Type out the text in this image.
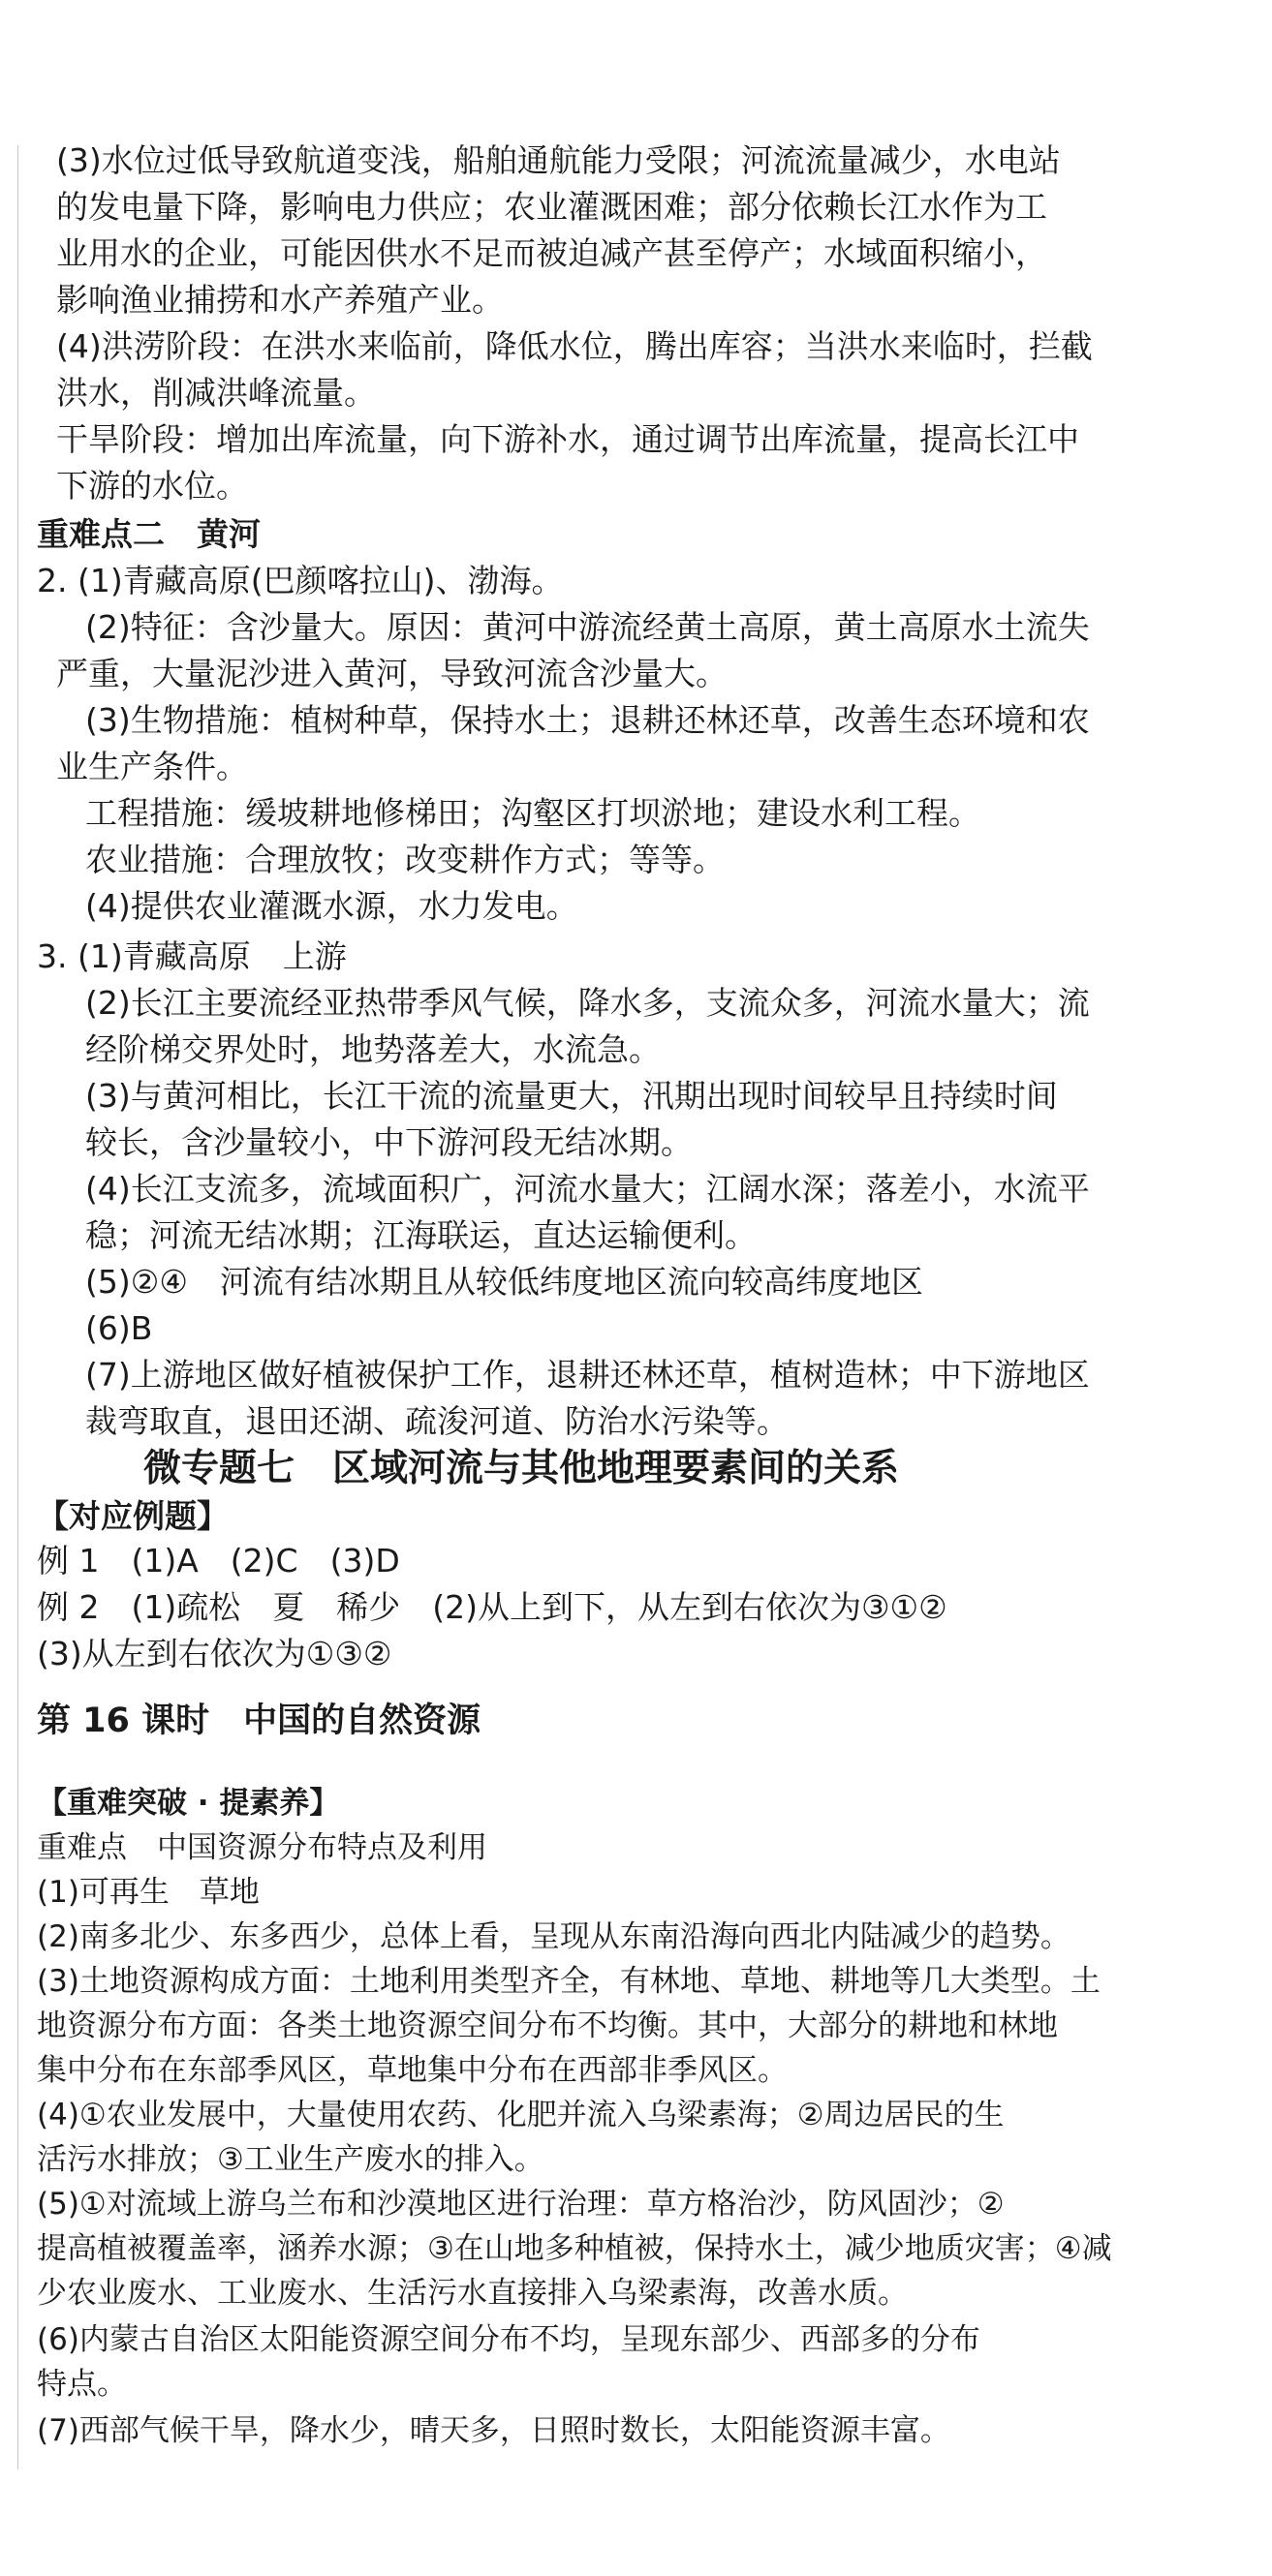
(3)水位过低导致航道变浅，船舶通航能力受限；河流流量减少，水电站
的发电量下降，影响电力供应；农业灌溉困难；部分依赖长江水作为工
业用水的企业，可能因供水不足而被迫减产甚至停产；水域面积缩小，
影响渔业捕捞和水产养殖产业。
(4)洪涝阶段：在洪水来临前，降低水位，腾出库容；当洪水来临时，拦截
洪水，削减洪峰流量。
干旱阶段：增加出库流量，向下游补水，通过调节出库流量，提高长江中
下游的水位。
重难点二　黄河
2. (1)青藏高原(巴颜喀拉山)、渤海。
(2)特征：含沙量大。原因：黄河中游流经黄土高原，黄土高原水土流失
严重，大量泥沙进入黄河，导致河流含沙量大。
(3)生物措施：植树种草，保持水土；退耕还林还草，改善生态环境和农
业生产条件。
工程措施：缓坡耕地修梯田；沟壑区打坝淤地；建设水利工程。
农业措施：合理放牧；改变耕作方式；等等。
(4)提供农业灌溉水源，水力发电。
3. (1)青藏高原　上游
(2)长江主要流经亚热带季风气候，降水多，支流众多，河流水量大；流
经阶梯交界处时，地势落差大，水流急。
(3)与黄河相比，长江干流的流量更大，汛期出现时间较早且持续时间
较长，含沙量较小，中下游河段无结冰期。
(4)长江支流多，流域面积广，河流水量大；江阔水深；落差小，水流平
稳；河流无结冰期；江海联运，直达运输便利。
(5)②④　河流有结冰期且从较低纬度地区流向较高纬度地区
(6)B
(7)上游地区做好植被保护工作，退耕还林还草，植树造林；中下游地区
裁弯取直，退田还湖、疏浚河道、防治水污染等。
微专题七　区域河流与其他地理要素间的关系
【对应例题】
例 1　(1)A　(2)C　(3)D
例 2　(1)疏松　夏　稀少　(2)从上到下，从左到右依次为③①②
(3)从左到右依次为①③②
第 16 课时　中国的自然资源
【重难突破 · 提素养】
重难点　中国资源分布特点及利用
(1)可再生　草地
(2)南多北少、东多西少，总体上看，呈现从东南沿海向西北内陆减少的趋势。
(3)土地资源构成方面：土地利用类型齐全，有林地、草地、耕地等几大类型。土
地资源分布方面：各类土地资源空间分布不均衡。其中，大部分的耕地和林地
集中分布在东部季风区，草地集中分布在西部非季风区。
(4)①农业发展中，大量使用农药、化肥并流入乌梁素海；②周边居民的生
活污水排放；③工业生产废水的排入。
(5)①对流域上游乌兰布和沙漠地区进行治理：草方格治沙，防风固沙；②
提高植被覆盖率，涵养水源；③在山地多种植被，保持水土，减少地质灾害；④减
少农业废水、工业废水、生活污水直接排入乌梁素海，改善水质。
(6)内蒙古自治区太阳能资源空间分布不均，呈现东部少、西部多的分布
特点。
(7)西部气候干旱，降水少，晴天多，日照时数长，太阳能资源丰富。
